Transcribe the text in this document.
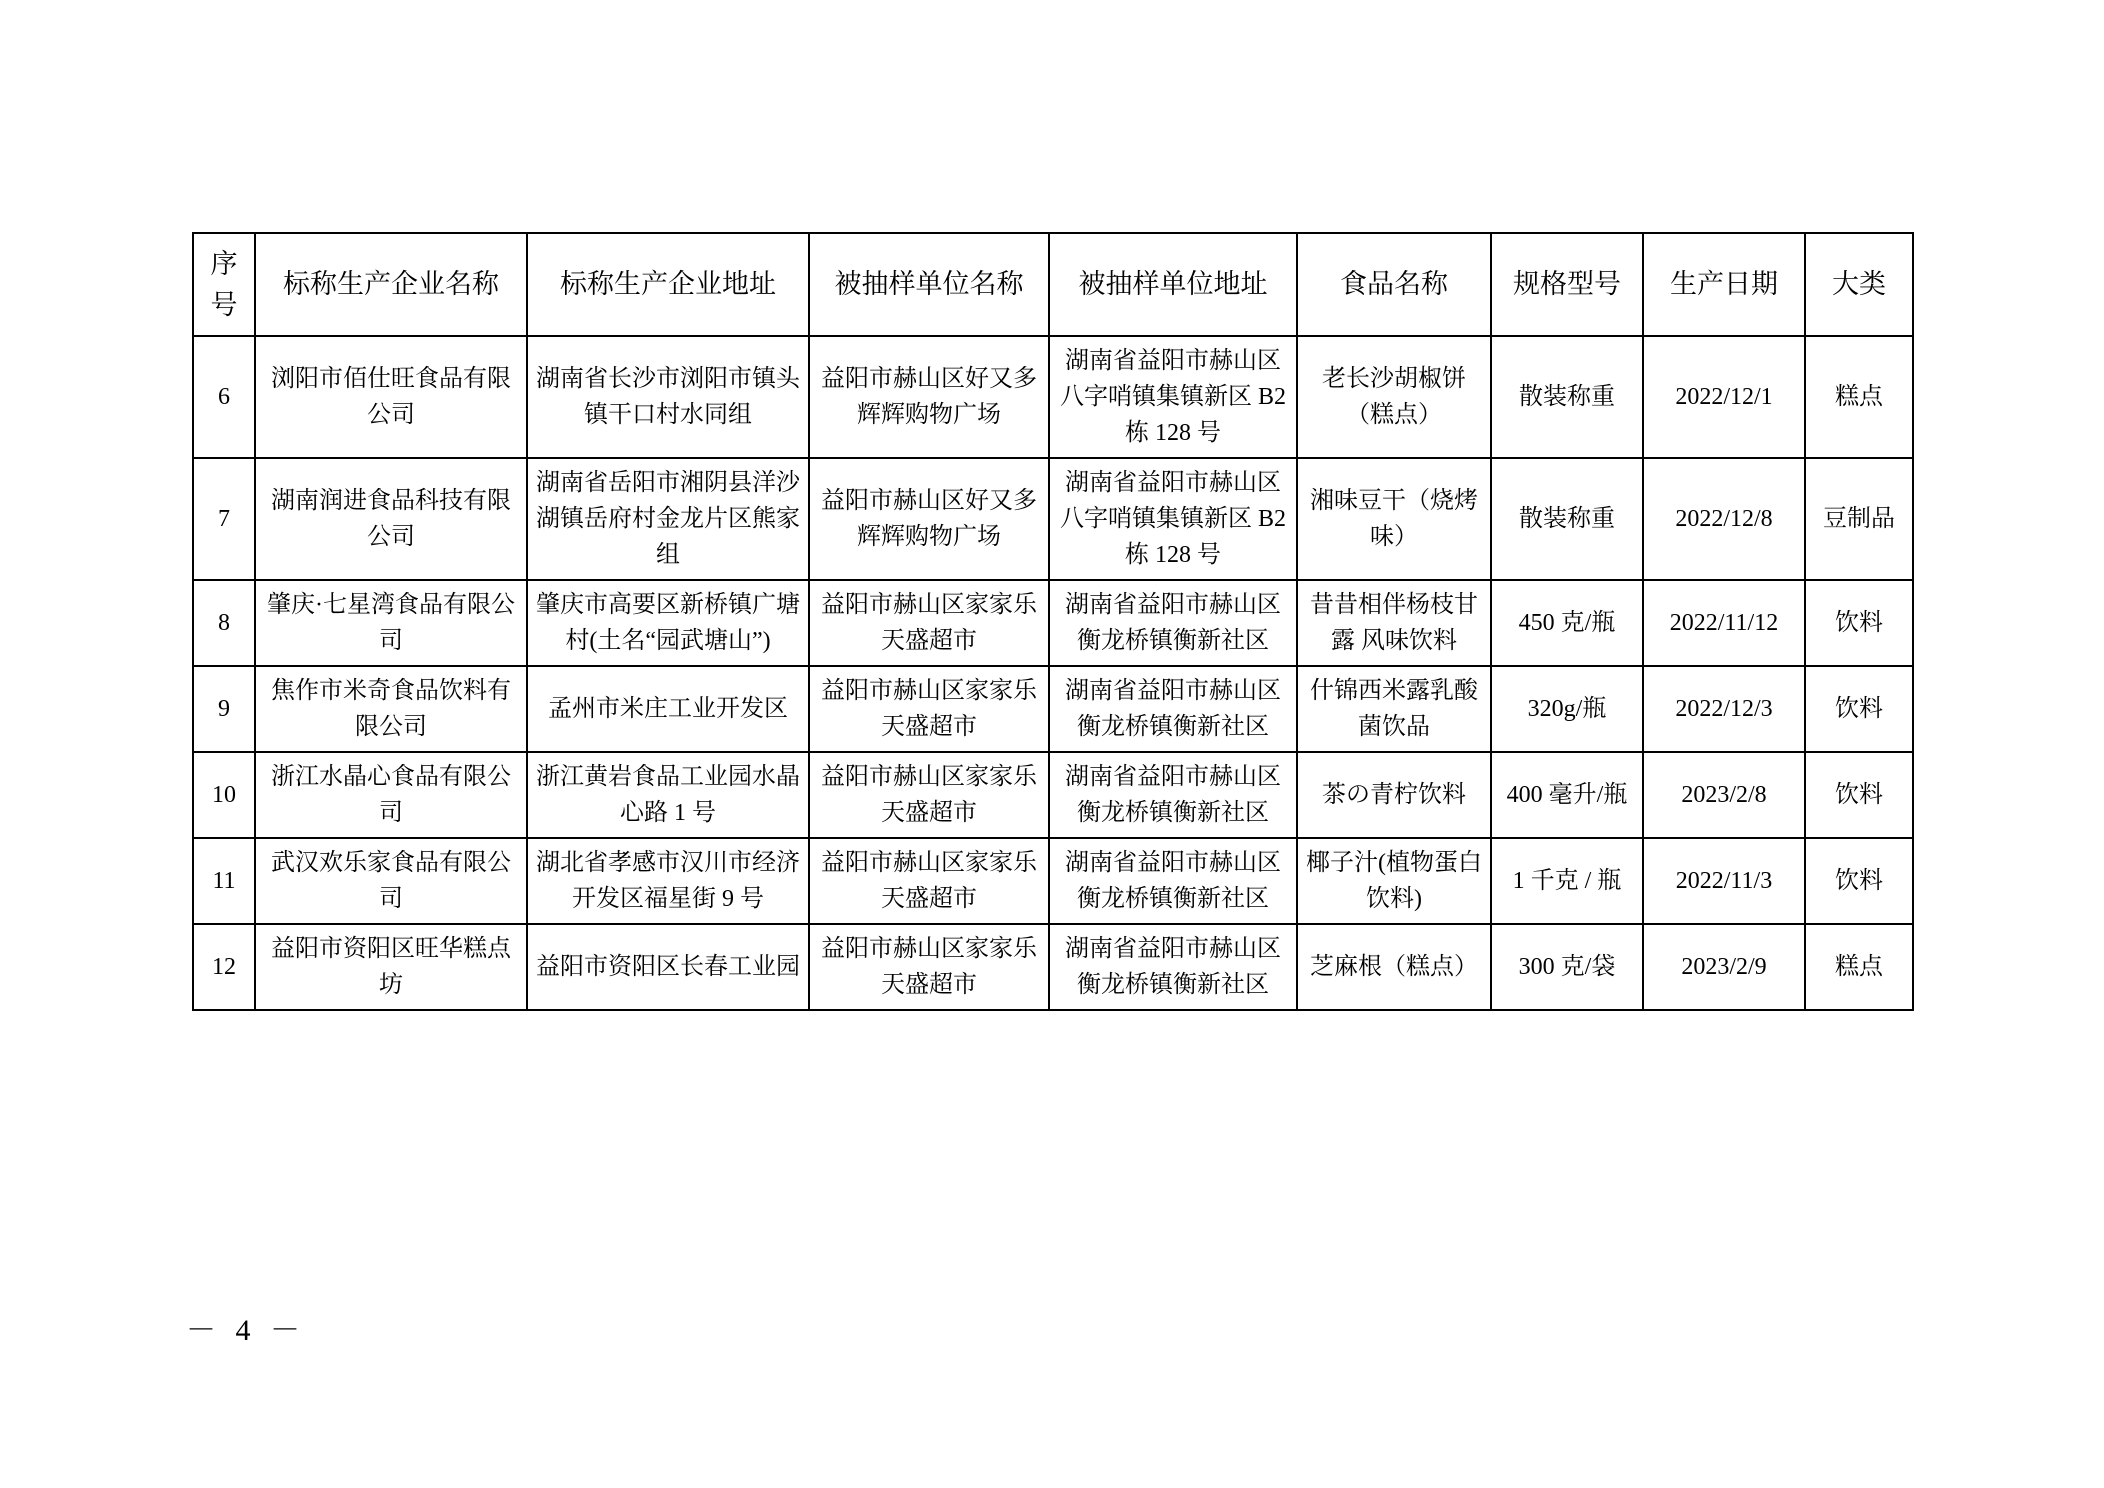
序号	标称生产企业名称	标称生产企业地址	被抽样单位名称	被抽样单位地址	食品名称	规格型号	生产日期	大类
6	浏阳市佰仕旺食品有限公司	湖南省长沙市浏阳市镇头镇干口村水同组	益阳市赫山区好又多辉辉购物广场	湖南省益阳市赫山区八字哨镇集镇新区 B2 栋 128 号	老长沙胡椒饼（糕点）	散装称重	2022/12/1	糕点
7	湖南润进食品科技有限公司	湖南省岳阳市湘阴县洋沙湖镇岳府村金龙片区熊家组	益阳市赫山区好又多辉辉购物广场	湖南省益阳市赫山区八字哨镇集镇新区 B2 栋 128 号	湘味豆干（烧烤味）	散装称重	2022/12/8	豆制品
8	肇庆·七星湾食品有限公司	肇庆市高要区新桥镇广塘村(土名“园武塘山”)	益阳市赫山区家家乐天盛超市	湖南省益阳市赫山区衡龙桥镇衡新社区	昔昔相伴杨枝甘露 风味饮料	450 克/瓶	2022/11/12	饮料
9	焦作市米奇食品饮料有限公司	孟州市米庄工业开发区	益阳市赫山区家家乐天盛超市	湖南省益阳市赫山区衡龙桥镇衡新社区	什锦西米露乳酸菌饮品	320g/瓶	2022/12/3	饮料
10	浙江水晶心食品有限公司	浙江黄岩食品工业园水晶心路 1 号	益阳市赫山区家家乐天盛超市	湖南省益阳市赫山区衡龙桥镇衡新社区	茶の青柠饮料	400 毫升/瓶	2023/2/8	饮料
11	武汉欢乐家食品有限公司	湖北省孝感市汉川市经济开发区福星街 9 号	益阳市赫山区家家乐天盛超市	湖南省益阳市赫山区衡龙桥镇衡新社区	椰子汁(植物蛋白饮料)	1 千克 / 瓶	2022/11/3	饮料
12	益阳市资阳区旺华糕点坊	益阳市资阳区长春工业园	益阳市赫山区家家乐天盛超市	湖南省益阳市赫山区衡龙桥镇衡新社区	芝麻根（糕点）	300 克/袋	2023/2/9	糕点
－ 4 －
